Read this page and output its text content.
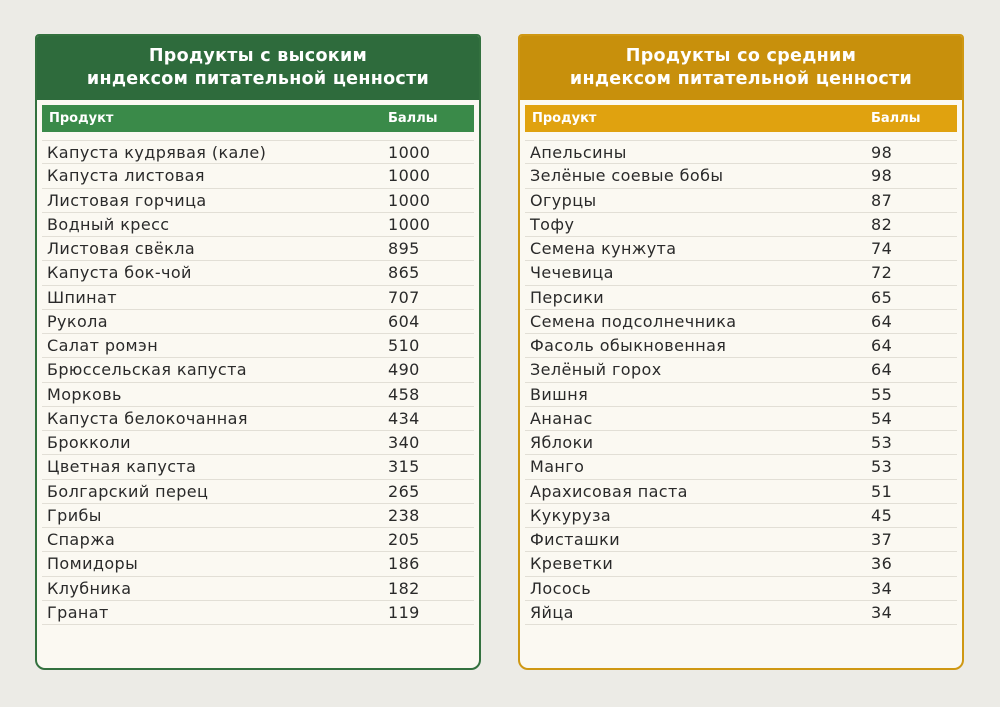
Продукты с высоким
индексом питательной ценности
Продукт	Баллы
Капуста кудрявая (кале)	1000
Капуста листовая	1000
Листовая горчица	1000
Водный кресс	1000
Листовая свёкла	895
Капуста бок-чой	865
Шпинат	707
Рукола	604
Салат ромэн	510
Брюссельская капуста	490
Морковь	458
Капуста белокочанная	434
Брокколи	340
Цветная капуста	315
Болгарский перец	265
Грибы	238
Спаржа	205
Помидоры	186
Клубника	182
Гранат	119
Продукты со средним
индексом питательной ценности
Продукт	Баллы
Апельсины	98
Зелёные соевые бобы	98
Огурцы	87
Тофу	82
Семена кунжута	74
Чечевица	72
Персики	65
Семена подсолнечника	64
Фасоль обыкновенная	64
Зелёный горох	64
Вишня	55
Ананас	54
Яблоки	53
Манго	53
Арахисовая паста	51
Кукуруза	45
Фисташки	37
Креветки	36
Лосось	34
Яйца	34
